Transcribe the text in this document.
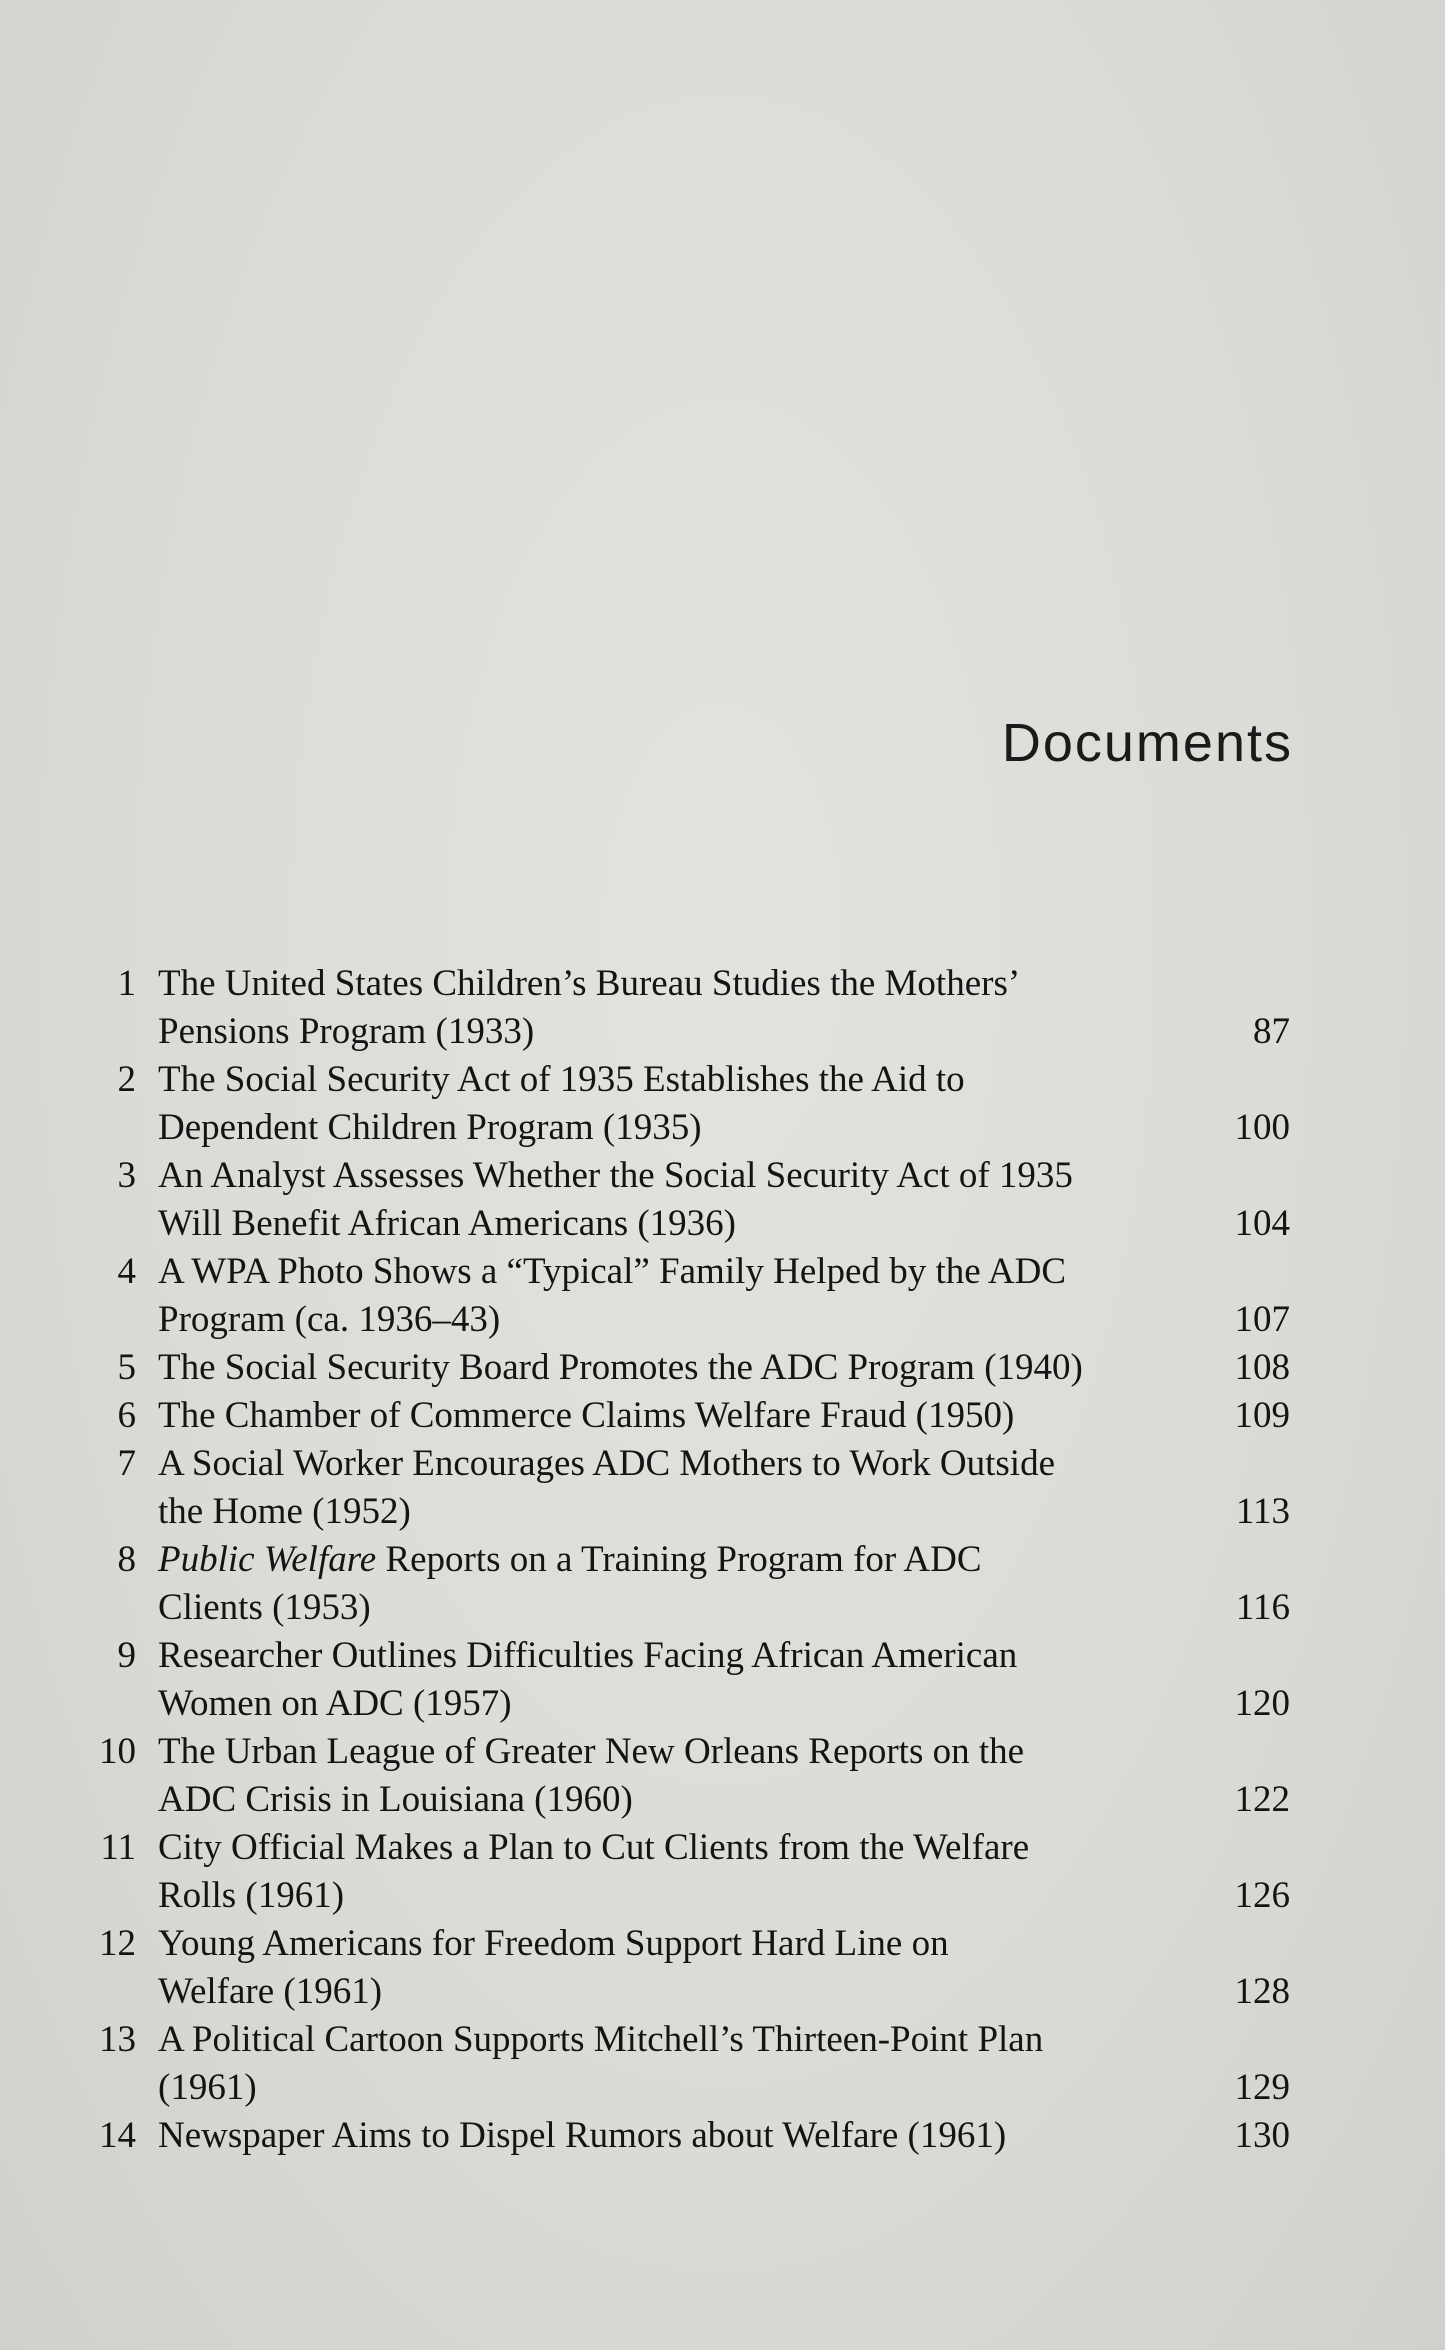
Documents
1 The United States Children’s Bureau Studies the Mothers’
Pensions Program (1933)	87
2 The Social Security Act of 1935 Establishes the Aid to
Dependent Children Program (1935)	100
3 An Analyst Assesses Whether the Social Security Act of 1935
Will Benefit African Americans (1936)	104
4 A WPA Photo Shows a “Typical” Family Helped by the ADC
Program (ca. 1936–43)	107
5 The Social Security Board Promotes the ADC Program (1940)	108
6 The Chamber of Commerce Claims Welfare Fraud (1950)	109
7 A Social Worker Encourages ADC Mothers to Work Outside
the Home (1952)	113
8 Public Welfare Reports on a Training Program for ADC
Clients (1953)	116
9 Researcher Outlines Difficulties Facing African American
Women on ADC (1957)	120
10 The Urban League of Greater New Orleans Reports on the
ADC Crisis in Louisiana (1960)	122
11 City Official Makes a Plan to Cut Clients from the Welfare
Rolls (1961)	126
12 Young Americans for Freedom Support Hard Line on
Welfare (1961)	128
13 A Political Cartoon Supports Mitchell’s Thirteen-Point Plan
(1961)	129
14 Newspaper Aims to Dispel Rumors about Welfare (1961)	130
